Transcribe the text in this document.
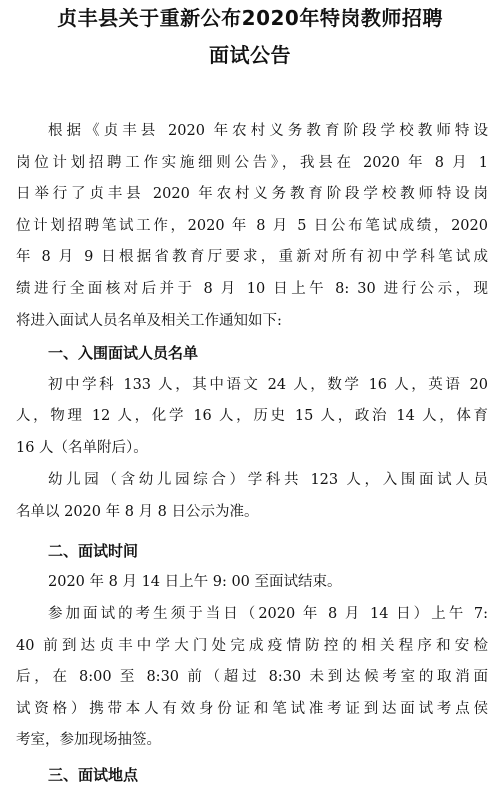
贞丰县关于重新公布2020年特岗教师招聘
面试公告
根据《贞丰县 2020 年农村义务教育阶段学校教师特设
岗位计划招聘工作实施细则公告》，我县在 2020 年 8 月 1
日举行了贞丰县 2020 年农村义务教育阶段学校教师特设岗
位计划招聘笔试工作，2020 年 8 月 5 日公布笔试成绩，2020
年 8 月 9 日根据省教育厅要求，重新对所有初中学科笔试成
绩进行全面核对后并于 8 月 10 日上午 8: 30 进行公示，现
将进入面试人员名单及相关工作通知如下:
一、入围面试人员名单
初中学科 133 人，其中语文 24 人，数学 16 人，英语 20
人，物理 12 人，化学 16 人，历史 15 人，政治 14 人，体育
16 人（名单附后）。
幼儿园（含幼儿园综合）学科共 123 人，入围面试人员
名单以 2020 年 8 月 8 日公示为准。
二、面试时间
2020 年 8 月 14 日上午 9: 00 至面试结束。
参加面试的考生须于当日（2020 年 8 月 14 日）上午 7:
40 前到达贞丰中学大门处完成疫情防控的相关程序和安检
后，在 8:00 至 8:30 前（超过 8:30 未到达候考室的取消面
试资格）携带本人有效身份证和笔试准考证到达面试考点侯
考室，参加现场抽签。
三、面试地点
